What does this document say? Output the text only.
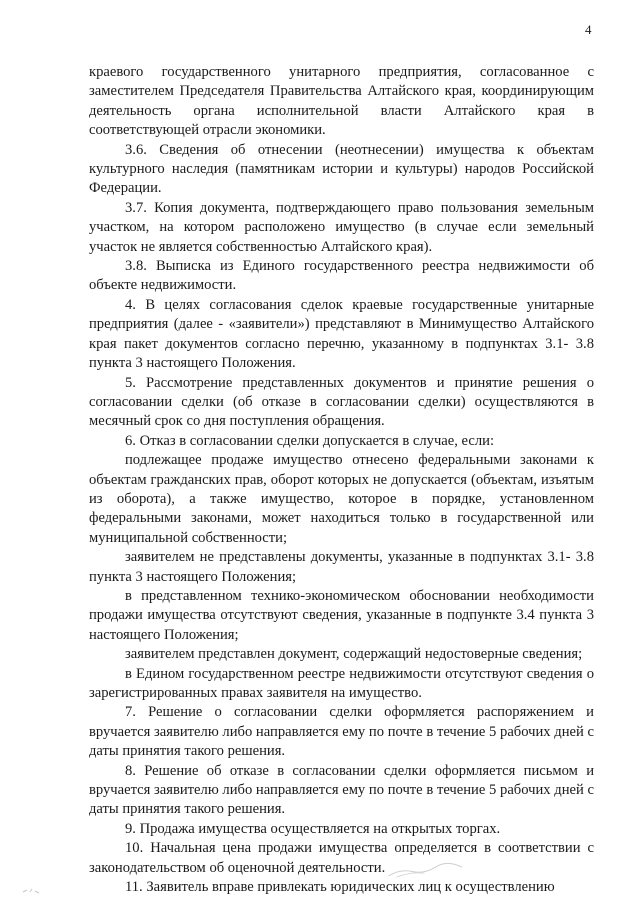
4

краевого государственного унитарного предприятия, согласованное с заместителем Председателя Правительства Алтайского края, координирующим деятельность органа исполнительной власти Алтайского края в соответствующей отрасли экономики.

3.6. Сведения об отнесении (неотнесении) имущества к объектам культурного наследия (памятникам истории и культуры) народов Российской Федерации.

3.7. Копия документа, подтверждающего право пользования земельным участком, на котором расположено имущество (в случае если земельный участок не является собственностью Алтайского края).

3.8. Выписка из Единого государственного реестра недвижимости об объекте недвижимости.

4. В целях согласования сделок краевые государственные унитарные предприятия (далее - «заявители») представляют в Минимущество Алтайского края пакет документов согласно перечню, указанному в подпунктах 3.1- 3.8 пункта 3 настоящего Положения.

5. Рассмотрение представленных документов и принятие решения о согласовании сделки (об отказе в согласовании сделки) осуществляются в месячный срок со дня поступления обращения.

6. Отказ в согласовании сделки допускается в случае, если:

подлежащее продаже имущество отнесено федеральными законами к объектам гражданских прав, оборот которых не допускается (объектам, изъятым из оборота), а также имущество, которое в порядке, установленном федеральными законами, может находиться только в государственной или муниципальной собственности;

заявителем не представлены документы, указанные в подпунктах 3.1- 3.8 пункта 3 настоящего Положения;

в представленном технико-экономическом обосновании необходимости продажи имущества отсутствуют сведения, указанные в подпункте 3.4 пункта 3 настоящего Положения;

заявителем представлен документ, содержащий недостоверные сведения;

в Едином государственном реестре недвижимости отсутствуют сведения о зарегистрированных правах заявителя на имущество.

7. Решение о согласовании сделки оформляется распоряжением и вручается заявителю либо направляется ему по почте в течение 5 рабочих дней с даты принятия такого решения.

8. Решение об отказе в согласовании сделки оформляется письмом и вручается заявителю либо направляется ему по почте в течение 5 рабочих дней с даты принятия такого решения.

9. Продажа имущества осуществляется на открытых торгах.

10. Начальная цена продажи имущества определяется в соответствии с законодательством об оценочной деятельности.

11. Заявитель вправе привлекать юридических лиц к осуществлению
